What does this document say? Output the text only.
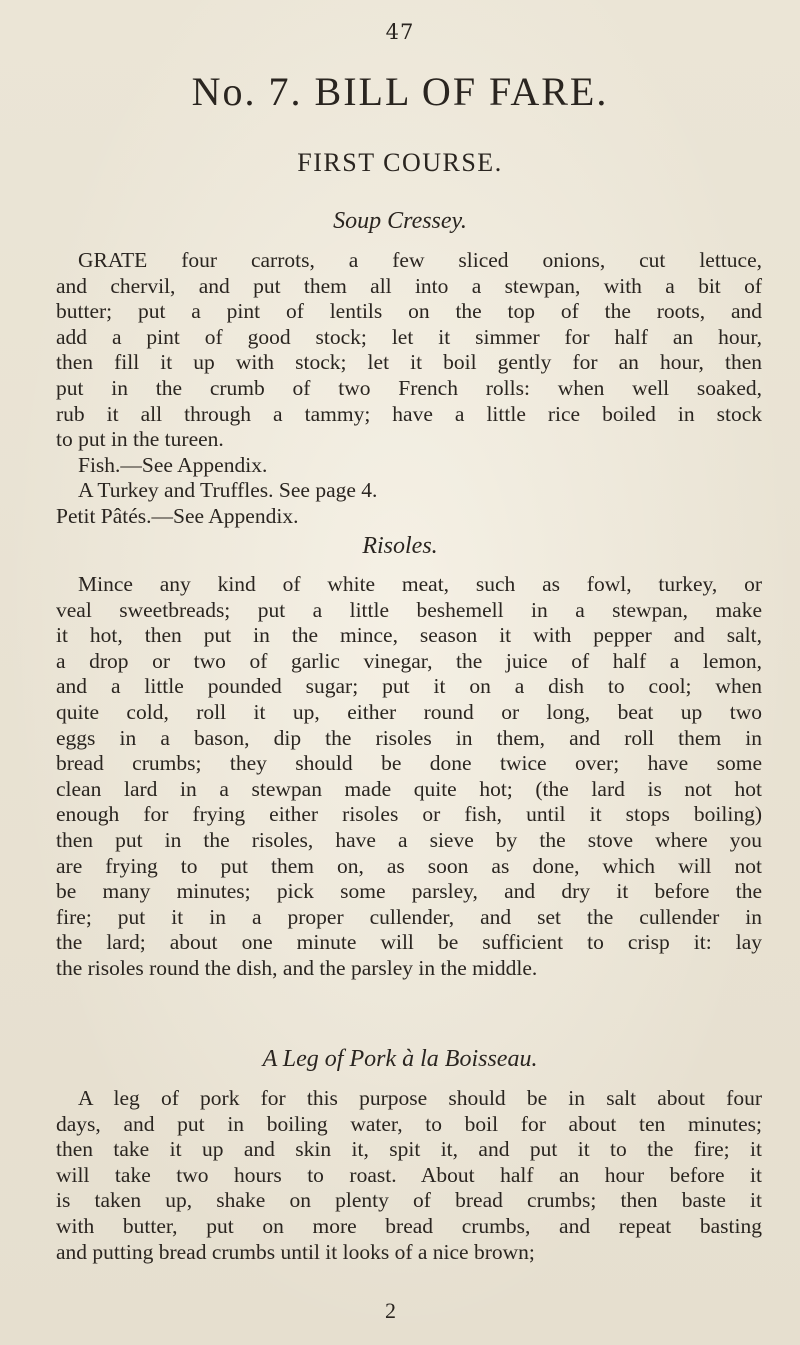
47
No. 7. BILL OF FARE.
FIRST COURSE.
Soup Cressey.
GRATE four carrots, a few sliced onions, cut lettuce,
and chervil, and put them all into a stewpan, with a bit of
butter; put a pint of lentils on the top of the roots, and
add a pint of good stock; let it simmer for half an hour,
then fill it up with stock; let it boil gently for an hour, then
put in the crumb of two French rolls: when well soaked,
rub it all through a tammy; have a little rice boiled in stock
to put in the tureen.
Fish.—See Appendix.
A Turkey and Truffles. See page 4.
Petit Pâtés.—See Appendix.
Risoles.
Mince any kind of white meat, such as fowl, turkey, or
veal sweetbreads; put a little beshemell in a stewpan, make
it hot, then put in the mince, season it with pepper and salt,
a drop or two of garlic vinegar, the juice of half a lemon,
and a little pounded sugar; put it on a dish to cool; when
quite cold, roll it up, either round or long, beat up two
eggs in a bason, dip the risoles in them, and roll them in
bread crumbs; they should be done twice over; have some
clean lard in a stewpan made quite hot; (the lard is not hot
enough for frying either risoles or fish, until it stops boiling)
then put in the risoles, have a sieve by the stove where you
are frying to put them on, as soon as done, which will not
be many minutes; pick some parsley, and dry it before the
fire; put it in a proper cullender, and set the cullender in
the lard; about one minute will be sufficient to crisp it: lay
the risoles round the dish, and the parsley in the middle.
A Leg of Pork à la Boisseau.
A leg of pork for this purpose should be in salt about four
days, and put in boiling water, to boil for about ten minutes;
then take it up and skin it, spit it, and put it to the fire; it
will take two hours to roast. About half an hour before it
is taken up, shake on plenty of bread crumbs; then baste it
with butter, put on more bread crumbs, and repeat basting
and putting bread crumbs until it looks of a nice brown;
2
